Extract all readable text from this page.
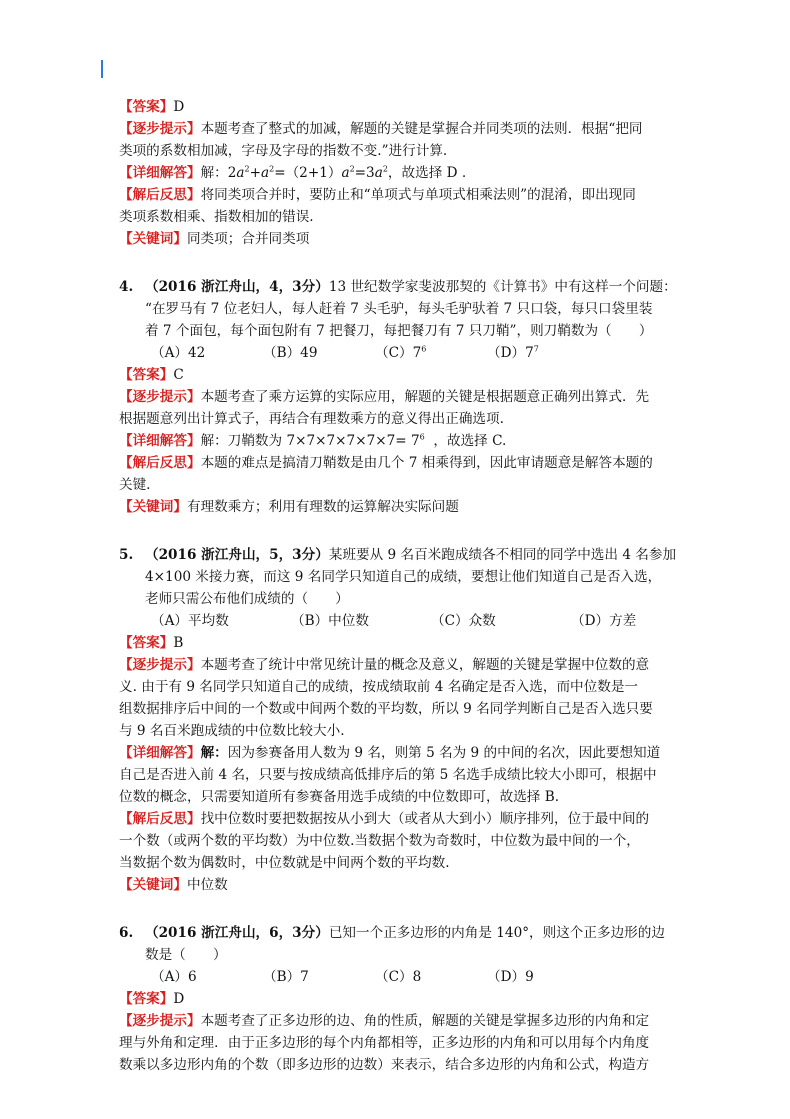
【答案】D
【逐步提示】本题考查了整式的加减，解题的关键是掌握合并同类项的法则．根据“把同
类项的系数相加减，字母及字母的指数不变.”进行计算.
【详细解答】解：$2a^2+a^2=(2+1)a^2=3a^2$，故选择 D .
【解后反思】将同类项合并时，要防止和“单项式与单项式相乘法则”的混淆，即出现同
类项系数相乘、指数相加的错误.
【关键词】同类项；合并同类项
4. （2016 浙江舟山，4，3分）13 世纪数学家斐波那契的《计算书》中有这样一个问题：
“在罗马有 7 位老妇人，每人赶着 7 头毛驴，每头毛驴驮着 7 只口袋，每只口袋里装
着 7 个面包，每个面包附有 7 把餐刀，每把餐刀有 7 只刀鞘”，则刀鞘数为（　　）
（A）42	（B）49	$(C)7^6$	$(D)7^7$
【答案】C
【逐步提示】本题考查了乘方运算的实际应用，解题的关键是根据题意正确列出算式．先
根据题意列出计算式子，再结合有理数乘方的意义得出正确选项.
【详细解答】解：刀鞘数为 $7\times 7\times 7\times 7\times 7\times 7= 7^6$ ，故选择 C.
【解后反思】本题的难点是搞清刀鞘数是由几个 7 相乘得到，因此审请题意是解答本题的
关键.
【关键词】有理数乘方；利用有理数的运算解决实际问题
5. （2016 浙江舟山，5，3分）某班要从 9 名百米跑成绩各不相同的同学中选出 4 名参加
4×100 米接力赛，而这 9 名同学只知道自己的成绩，要想让他们知道自己是否入选，
老师只需公布他们成绩的（　　）
（A）平均数	（B）中位数	（C）众数	（D）方差
【答案】B
【逐步提示】本题考查了统计中常见统计量的概念及意义，解题的关键是掌握中位数的意
义. 由于有 9 名同学只知道自己的成绩，按成绩取前 4 名确定是否入选，而中位数是一
组数据排序后中间的一个数或中间两个数的平均数，所以 9 名同学判断自己是否入选只要
与 9 名百米跑成绩的中位数比较大小.
【详细解答】解：因为参赛备用人数为 9 名，则第 5 名为 9 的中间的名次，因此要想知道
自己是否进入前 4 名，只要与按成绩高低排序后的第 5 名选手成绩比较大小即可，根据中
位数的概念，只需要知道所有参赛备用选手成绩的中位数即可，故选择 B.
【解后反思】找中位数时要把数据按从小到大（或者从大到小）顺序排列，位于最中间的
一个数（或两个数的平均数）为中位数.当数据个数为奇数时，中位数为最中间的一个，
当数据个数为偶数时，中位数就是中间两个数的平均数.
【关键词】中位数
6. （2016 浙江舟山，6，3分）已知一个正多边形的内角是 140°，则这个正多边形的边
数是（　　）
（A）6	（B）7	（C）8	（D）9
【答案】D
【逐步提示】本题考查了正多边形的边、角的性质，解题的关键是掌握多边形的内角和定
理与外角和定理．由于正多边形的每个内角都相等，正多边形的内角和可以用每个内角度
数乘以多边形内角的个数（即多边形的边数）来表示，结合多边形的内角和公式，构造方
